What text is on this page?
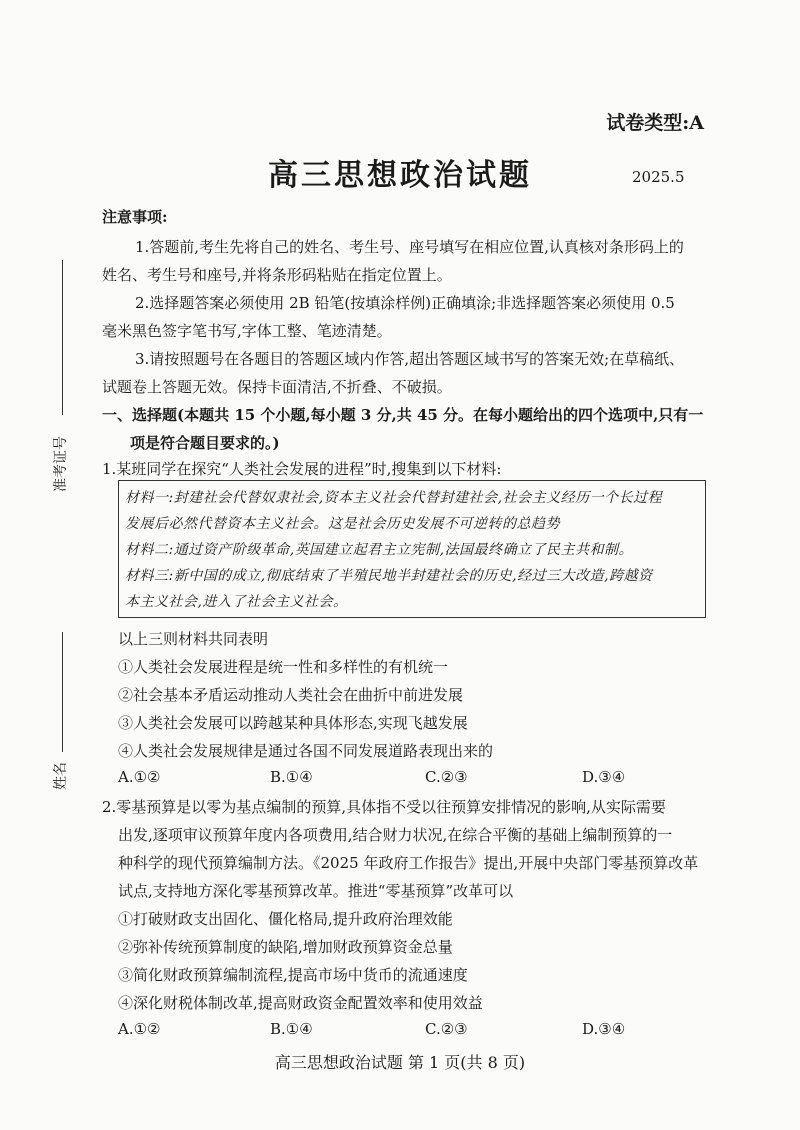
试卷类型:A
高三思想政治试题	2025.5
准考证号
姓名
注意事项:
1.答题前,考生先将自己的姓名、考生号、座号填写在相应位置,认真核对条形码上的
姓名、考生号和座号,并将条形码粘贴在指定位置上。
2.选择题答案必须使用 2B 铅笔(按填涂样例)正确填涂;非选择题答案必须使用 0.5
毫米黑色签字笔书写,字体工整、笔迹清楚。
3.请按照题号在各题目的答题区域内作答,超出答题区域书写的答案无效;在草稿纸、
试题卷上答题无效。保持卡面清洁,不折叠、不破损。
一、选择题(本题共 15 个小题,每小题 3 分,共 45 分。在每小题给出的四个选项中,只有一
项是符合题目要求的。)
1.某班同学在探究“人类社会发展的进程”时,搜集到以下材料:
材料一:封建社会代替奴隶社会,资本主义社会代替封建社会,社会主义经历一个长过程
发展后必然代替资本主义社会。这是社会历史发展不可逆转的总趋势
材料二:通过资产阶级革命,英国建立起君主立宪制,法国最终确立了民主共和制。
材料三:新中国的成立,彻底结束了半殖民地半封建社会的历史,经过三大改造,跨越资
本主义社会,进入了社会主义社会。
以上三则材料共同表明
①人类社会发展进程是统一性和多样性的有机统一
②社会基本矛盾运动推动人类社会在曲折中前进发展
③人类社会发展可以跨越某种具体形态,实现飞越发展
④人类社会发展规律是通过各国不同发展道路表现出来的
A.①②	B.①④	C.②③	D.③④
2.零基预算是以零为基点编制的预算,具体指不受以往预算安排情况的影响,从实际需要
出发,逐项审议预算年度内各项费用,结合财力状况,在综合平衡的基础上编制预算的一
种科学的现代预算编制方法。《2025 年政府工作报告》提出,开展中央部门零基预算改革
试点,支持地方深化零基预算改革。推进“零基预算”改革可以
①打破财政支出固化、僵化格局,提升政府治理效能
②弥补传统预算制度的缺陷,增加财政预算资金总量
③简化财政预算编制流程,提高市场中货币的流通速度
④深化财税体制改革,提高财政资金配置效率和使用效益
A.①②	B.①④	C.②③	D.③④
高三思想政治试题 第 1 页(共 8 页)
